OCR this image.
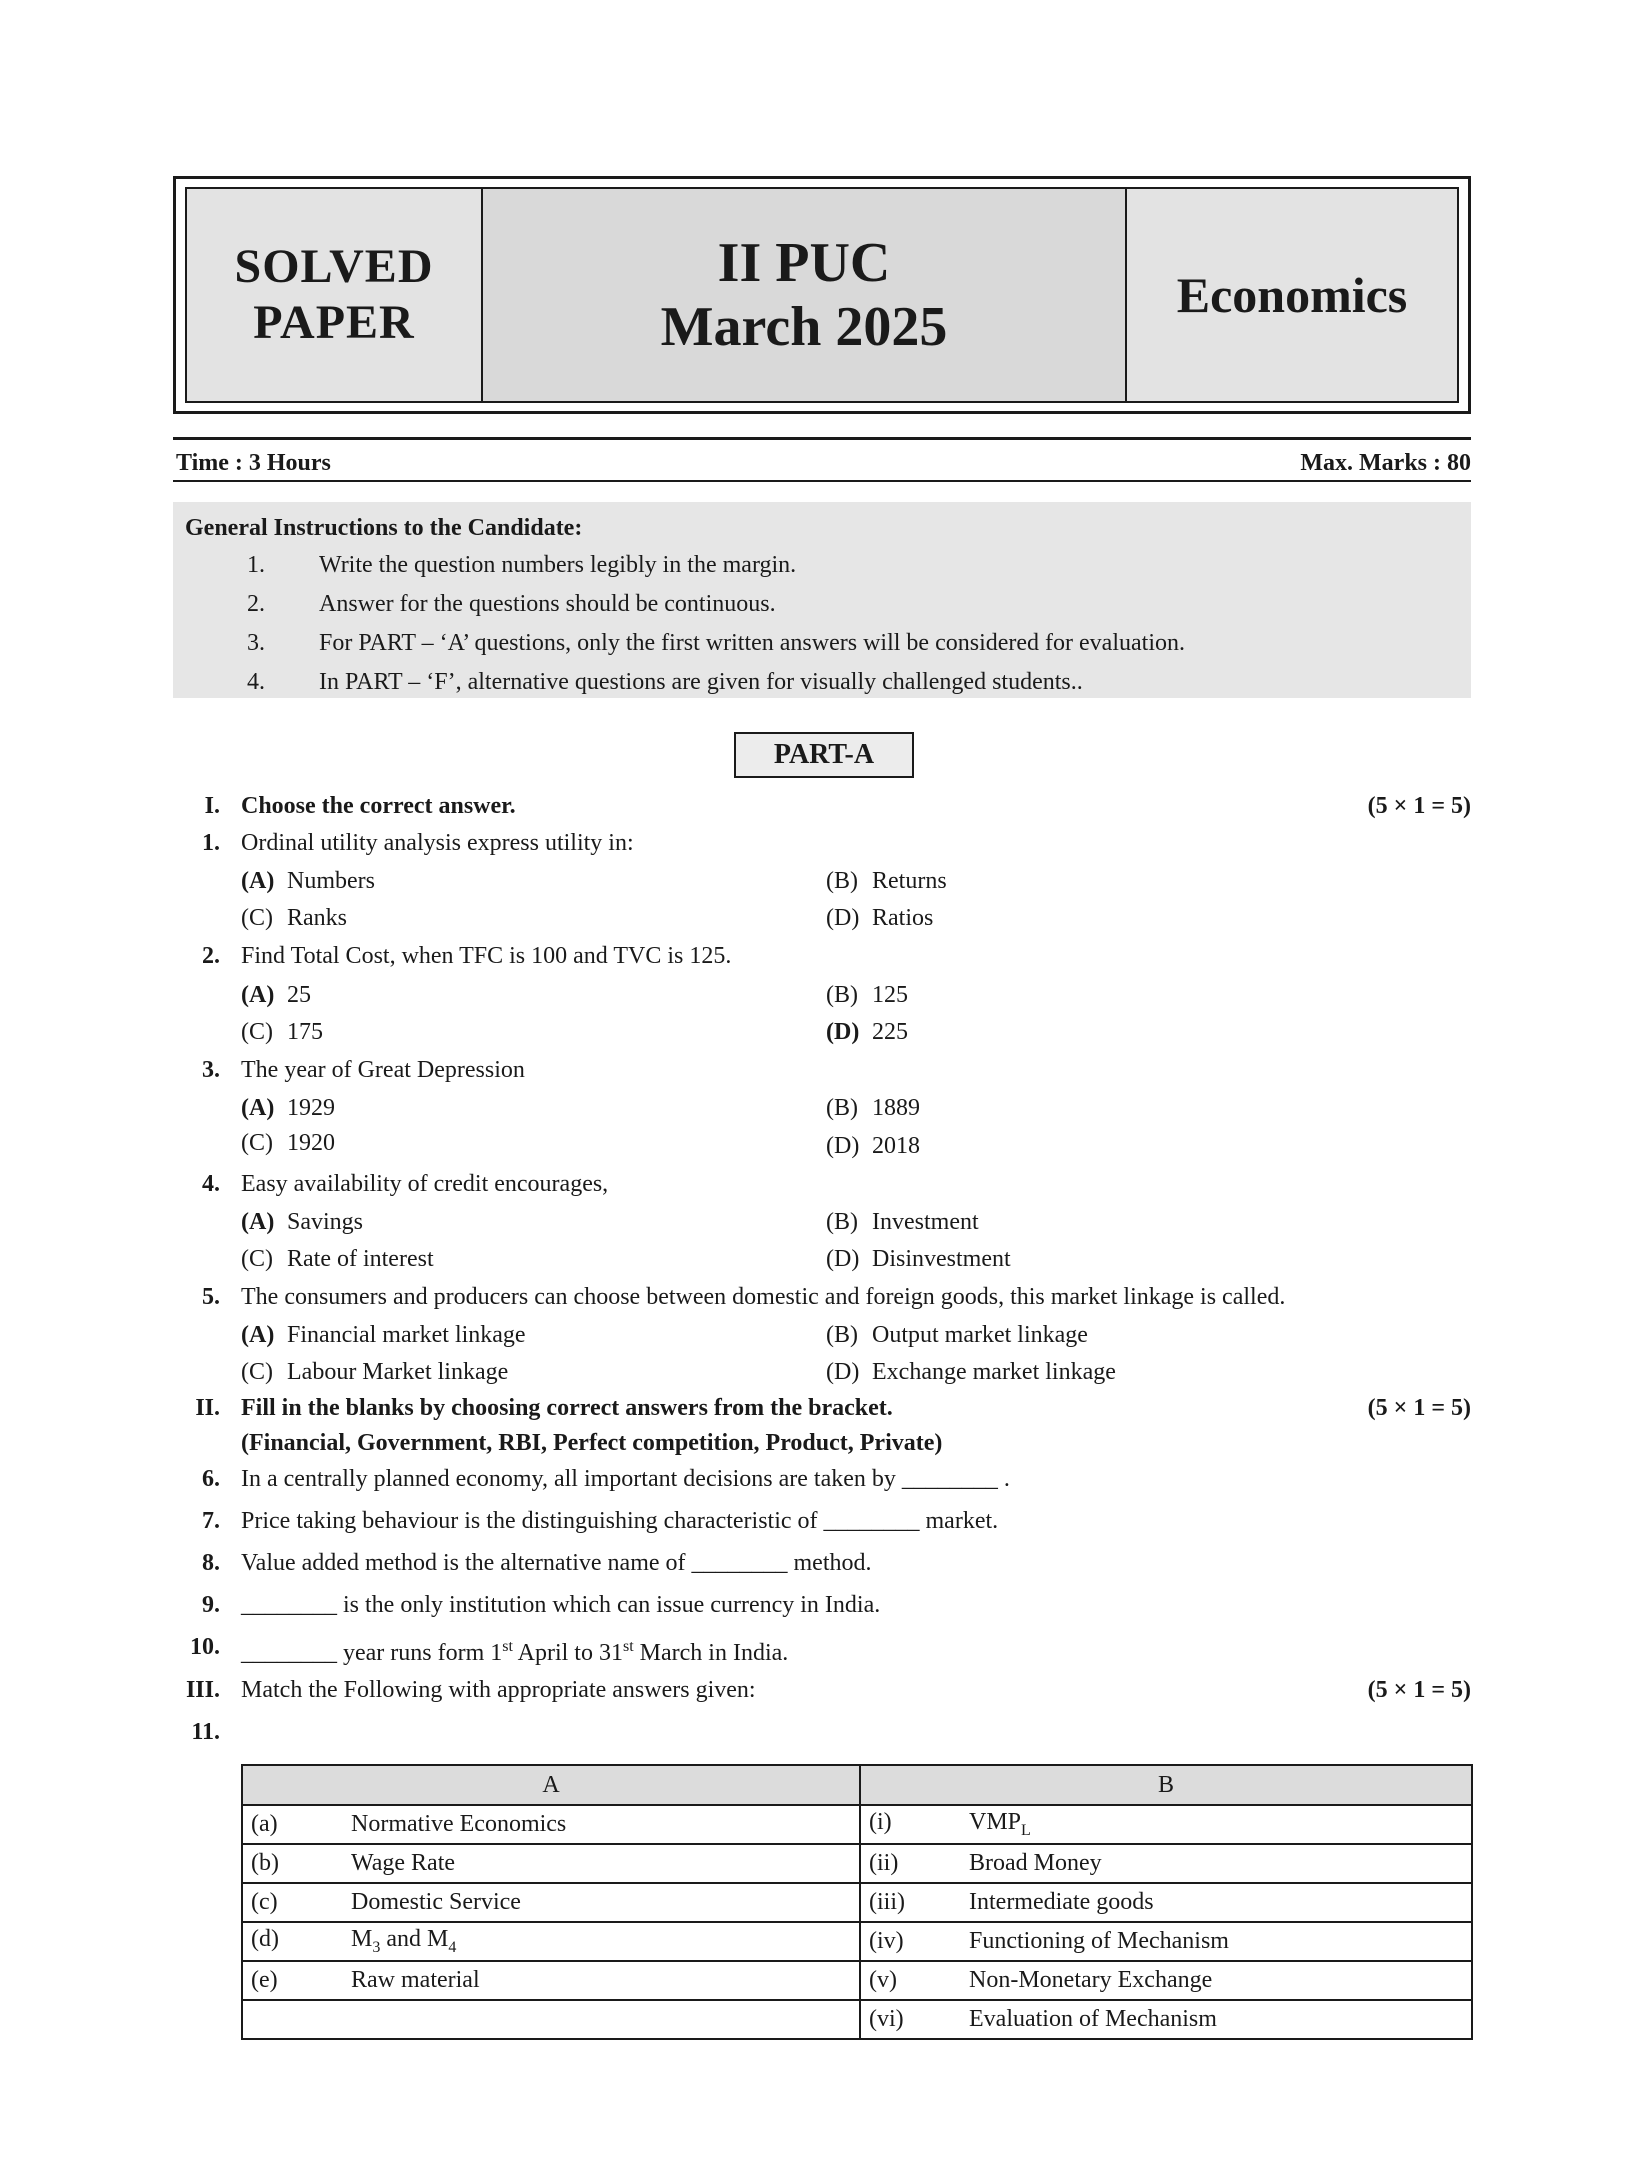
SOLVED
PAPER
II PUC
March 2025
Economics
Time : 3 Hours	Max. Marks : 80
General Instructions to the Candidate:
1.	Write the question numbers legibly in the margin.
2.	Answer for the questions should be continuous.
3.	For PART – ‘A’ questions, only the first written answers will be considered for evaluation.
4.	In PART – ‘F’, alternative questions are given for visually challenged students..
PART-A
I. Choose the correct answer.	(5 × 1 = 5)
1. Ordinal utility analysis express utility in:
(A) Numbers	(B) Returns
(C) Ranks	(D) Ratios
2. Find Total Cost, when TFC is 100 and TVC is 125.
(A) 25	(B) 125
(C) 175	(D) 225
3. The year of Great Depression
(A) 1929	(B) 1889
(C) 1920	(D) 2018
4. Easy availability of credit encourages,
(A) Savings	(B) Investment
(C) Rate of interest	(D) Disinvestment
5. The consumers and producers can choose between domestic and foreign goods, this market linkage is called.
(A) Financial market linkage	(B) Output market linkage
(C) Labour Market linkage	(D) Exchange market linkage
II. Fill in the blanks by choosing correct answers from the bracket.	(5 × 1 = 5)
(Financial, Government, RBI, Perfect competition, Product, Private)
6. In a centrally planned economy, all important decisions are taken by ________ .
7. Price taking behaviour is the distinguishing characteristic of ________ market.
8. Value added method is the alternative name of ________ method.
9. ________ is the only institution which can issue currency in India.
10. ________ year runs form 1st April to 31st March in India.
III. Match the Following with appropriate answers given:	(5 × 1 = 5)
11.
A	B
(a) Normative Economics	(i) $VMP_L$
(b) Wage Rate	(ii) Broad Money
(c) Domestic Service	(iii) Intermediate goods
(d) $M_3$ and $M_4$	(iv) Functioning of Mechanism
(e) Raw material	(v) Non-Monetary Exchange
	(vi) Evaluation of Mechanism
